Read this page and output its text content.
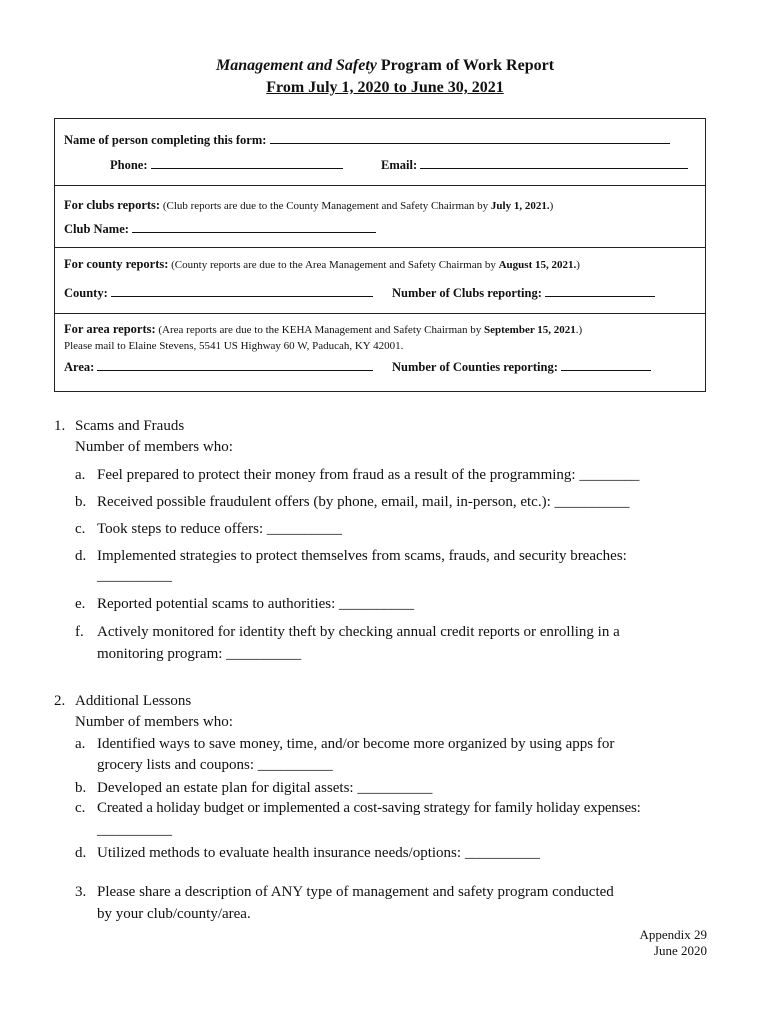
Management and Safety Program of Work Report
From July 1, 2020 to June 30, 2021
Name of person completing this form:
Phone:	Email:
For clubs reports: (Club reports are due to the County Management and Safety Chairman by July 1, 2021.)
Club Name:
For county reports: (County reports are due to the Area Management and Safety Chairman by August 15, 2021.)
County:	Number of Clubs reporting:
For area reports: (Area reports are due to the KEHA Management and Safety Chairman by September 15, 2021.)
Please mail to Elaine Stevens, 5541 US Highway 60 W, Paducah, KY 42001.
Area:	Number of Counties reporting:
1. Scams and Frauds
Number of members who:
a. Feel prepared to protect their money from fraud as a result of the programming: ________
b. Received possible fraudulent offers (by phone, email, mail, in-person, etc.): __________
c. Took steps to reduce offers: __________
d. Implemented strategies to protect themselves from scams, frauds, and security breaches:
__________
e. Reported potential scams to authorities: __________
f. Actively monitored for identity theft by checking annual credit reports or enrolling in a
monitoring program: __________
2. Additional Lessons
Number of members who:
a. Identified ways to save money, time, and/or become more organized by using apps for
grocery lists and coupons: __________
b. Developed an estate plan for digital assets: __________
c. Created a holiday budget or implemented a cost-saving strategy for family holiday expenses:
__________
d. Utilized methods to evaluate health insurance needs/options: __________
3. Please share a description of ANY type of management and safety program conducted
by your club/county/area.
Appendix 29
June 2020
